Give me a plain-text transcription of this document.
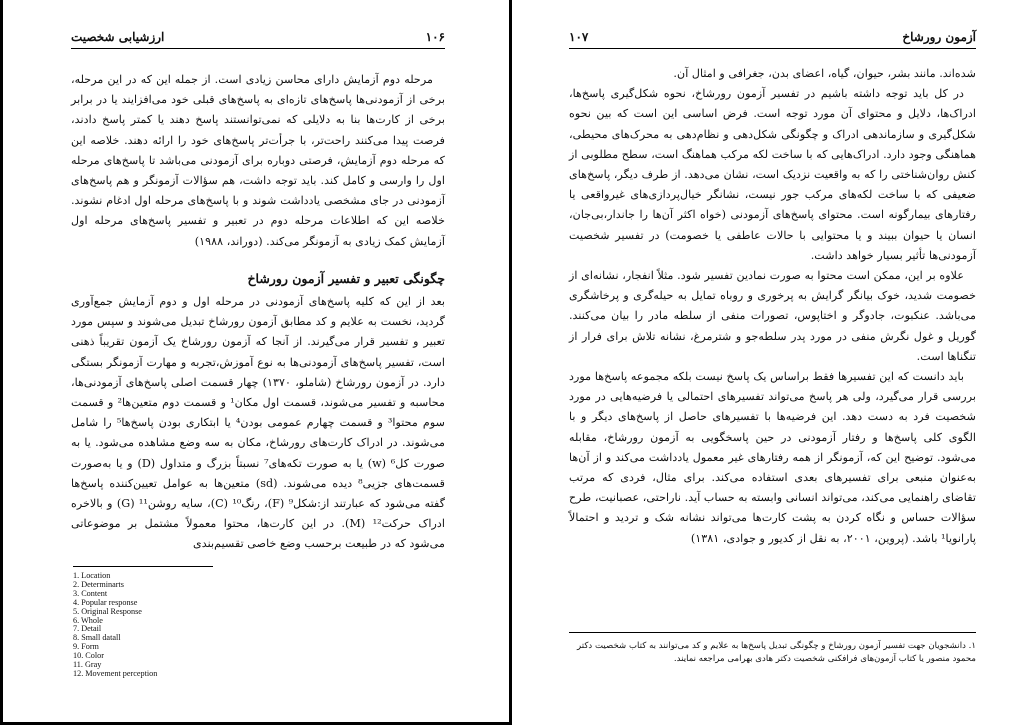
۱۰۶
ارزشیابی شخصیت

مرحله دوم آزمایش دارای محاسن زیادی است. از جمله این که در این مرحله، برخی از آزمودنی‌ها پاسخ‌های تازه‌ای به پاسخ‌های قبلی خود می‌افزایند یا در برابر برخی از کارت‌ها بنا به دلایلی که نمی‌توانستند پاسخ دهند یا کمتر پاسخ دادند، فرصت پیدا می‌کنند راحت‌تر، با جرأت‌تر پاسخ‌های خود را ارائه دهند. خلاصه این که مرحله دوم آزمایش، فرصتی دوباره برای آزمودنی می‌باشد تا پاسخ‌های مرحله اول را وارسی و کامل کند. باید توجه داشت، هم سؤالات آزمونگر و هم پاسخ‌های آزمودنی در جای مشخصی یادداشت شوند و با پاسخ‌های مرحله اول ادغام نشوند. خلاصه این که اطلاعات مرحله دوم در تعبیر و تفسیر پاسخ‌های مرحله اول آزمایش کمک زیادی به آزمونگر می‌کند. (دوراند، ۱۹۸۸)

چگونگی تعبیر و تفسیر آزمون رورشاخ

بعد از این که کلیه پاسخ‌های آزمودنی در مرحله اول و دوم آزمایش جمع‌آوری گردید، نخست به علایم و کد مطابق آزمون رورشاخ تبدیل می‌شوند و سپس مورد تعبیر و تفسیر قرار می‌گیرند. از آنجا که آزمون رورشاخ یک آزمون تقریباً ذهنی است، تفسیر پاسخ‌های آزمودنی‌ها به نوع آموزش،تجربه و مهارت آزمونگر بستگی دارد. در آزمون رورشاخ (شاملو، ۱۳۷۰) چهار قسمت اصلی پاسخ‌های آزمودنی‌ها، محاسبه و تفسیر می‌شوند، قسمت اول مکان¹ و قسمت دوم متعین‌ها² و قسمت سوم محتوا³ و قسمت چهارم عمومی بودن⁴ یا ابتکاری بودن پاسخ‌ها⁵ را شامل می‌شوند. در ادراک کارت‌های رورشاخ، مکان به سه وضع مشاهده می‌شود. یا به صورت کل⁶ (w) یا به صورت تکه‌های⁷ نسبتاً بزرگ و متداول (D) و یا به‌صورت قسمت‌های جزیی⁸ دیده می‌شوند. (sd) متعین‌ها به عوامل تعیین‌کننده پاسخ‌ها گفته می‌شود که عبارتند از:شکل⁹ (F)، رنگ¹⁰ (C)، سایه روشن¹¹ (G) و بالاخره ادراک حرکت¹² (M). در این کارت‌ها، محتوا معمولاً مشتمل بر موضوعاتی می‌شود که در طبیعت برحسب وضع خاصی تقسیم‌بندی

1. Location
2. Determinarts
3. Content
4. Popular response
5. Original Response
6. Whole
7. Detail
8. Small datall
9. Form
10. Color
11. Gray
12. Movement perception
آزمون رورشاخ
۱۰۷

شده‌اند. مانند بشر، حیوان، گیاه، اعضای بدن، جغرافی و امثال آن.

در کل باید توجه داشته باشیم در تفسیر آزمون رورشاخ، نحوه شکل‌گیری پاسخ‌ها، ادراک‌ها، دلایل و محتوای آن مورد توجه است. فرض اساسی این است که بین نحوه شکل‌گیری و سازماندهی ادراک و چگونگی شکل‌دهی و نظام‌دهی به محرک‌های محیطی، هماهنگی وجود دارد. ادراک‌هایی که با ساخت لکه مرکب هماهنگ است، سطح مطلوبی از کنش روان‌شناختی را که به واقعیت نزدیک است، نشان می‌دهد. از طرف دیگر، پاسخ‌های ضعیفی که با ساخت لکه‌های مرکب جور نیست، نشانگر خیال‌پردازی‌های غیرواقعی یا رفتارهای بیمارگونه است. محتوای پاسخ‌های آزمودنی (خواه اکثر آن‌ها را جاندار،بی‌جان، انسان یا حیوان ببیند و یا محتوایی با حالات عاطفی یا خصومت) در تفسیر شخصیت آزمودنی‌ها تأثیر بسیار خواهد داشت.

علاوه بر این، ممکن است محتوا به صورت نمادین تفسیر شود. مثلاً انفجار، نشانه‌ای از خصومت شدید، خوک بیانگر گرایش به پرخوری و روباه تمایل به حیله‌گری و پرخاشگری می‌باشد. عنکبوت، جادوگر و اختاپوس، تصورات منفی از سلطه مادر را بیان می‌کنند. گوریل و غول نگرش منفی در مورد پدر سلطه‌جو و شترمرغ، نشانه تلاش برای فرار از تنگناها است.

باید دانست که این تفسیرها فقط براساس یک پاسخ نیست بلکه مجموعه پاسخ‌ها مورد بررسی قرار می‌گیرد، ولی هر پاسخ می‌تواند تفسیرهای احتمالی یا فرضیه‌هایی در مورد شخصیت فرد به دست دهد. این فرضیه‌ها با تفسیرهای حاصل از پاسخ‌های دیگر و با الگوی کلی پاسخ‌ها و رفتار آزمودنی در حین پاسخگویی به آزمون رورشاخ، مقابله می‌شود. توضیح این که، آزمونگر از همه رفتارهای غیر معمول یادداشت می‌کند و از آن‌ها به‌عنوان منبعی برای تفسیرهای بعدی استفاده می‌کند. برای مثال، فردی که مرتب تقاضای راهنمایی می‌کند، می‌تواند انسانی وابسته به حساب آید. ناراحتی، عصبانیت، طرح سؤالات حساس و نگاه کردن به پشت کارت‌ها می‌تواند نشانه شک و تردید و احتمالاً پارانویا¹ باشد. (پروین، ۲۰۰۱، به نقل از کدیور و جوادی، ۱۳۸۱)

۱. دانشجویان جهت تفسیر آزمون رورشاخ و چگونگی تبدیل پاسخ‌ها به علایم و کد می‌توانند به کتاب شخصیت دکتر محمود منصور یا کتاب آزمون‌های فرافکنی شخصیت دکتر هادی بهرامی مراجعه نمایند.
